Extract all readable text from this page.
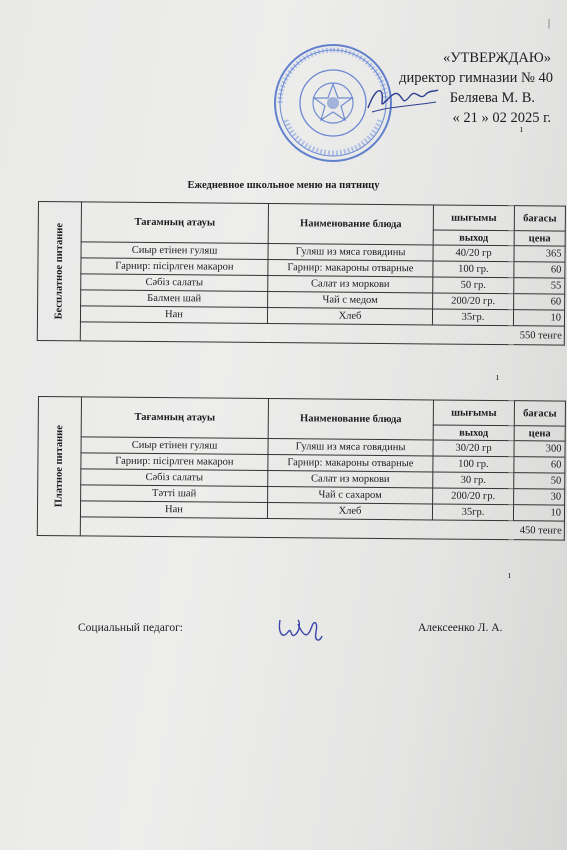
«УТВЕРЖДАЮ»
директор гимназии № 40
Беляева М. В.
« 21 » 02 2025 г.
Ежедневное школьное меню на пятницу
Бесплатное питание	Тағамның атауы	Наименование блюда	шығымы	бағасы
			выход	цена
	Сиыр етінен гуляш	Гуляш из мяса говядины	40/20 гр	365
	Гарнир: пісірлген макарон	Гарнир: макароны отварные	100 гр.	60
	Сәбіз салаты	Салат из моркови	50 гр.	55
	Балмен шай	Чай с медом	200/20 гр.	60
	Нан	Хлеб	35гр.	10
	550 тенге			
Платное питание	Тағамның атауы	Наименование блюда	шығымы	бағасы
			выход	цена
	Сиыр етінен гуляш	Гуляш из мяса говядины	30/20 гр	300
	Гарнир: пісірлген макарон	Гарнир: макароны отварные	100 гр.	60
	Сәбіз салаты	Салат из моркови	30 гр.	50
	Тәтті шай	Чай с сахаром	200/20 гр.	30
	Нан	Хлеб	35гр.	10
	450 тенге			
Социальный педагог:	Алексеенко Л. А.
|
ı
ı
ı
